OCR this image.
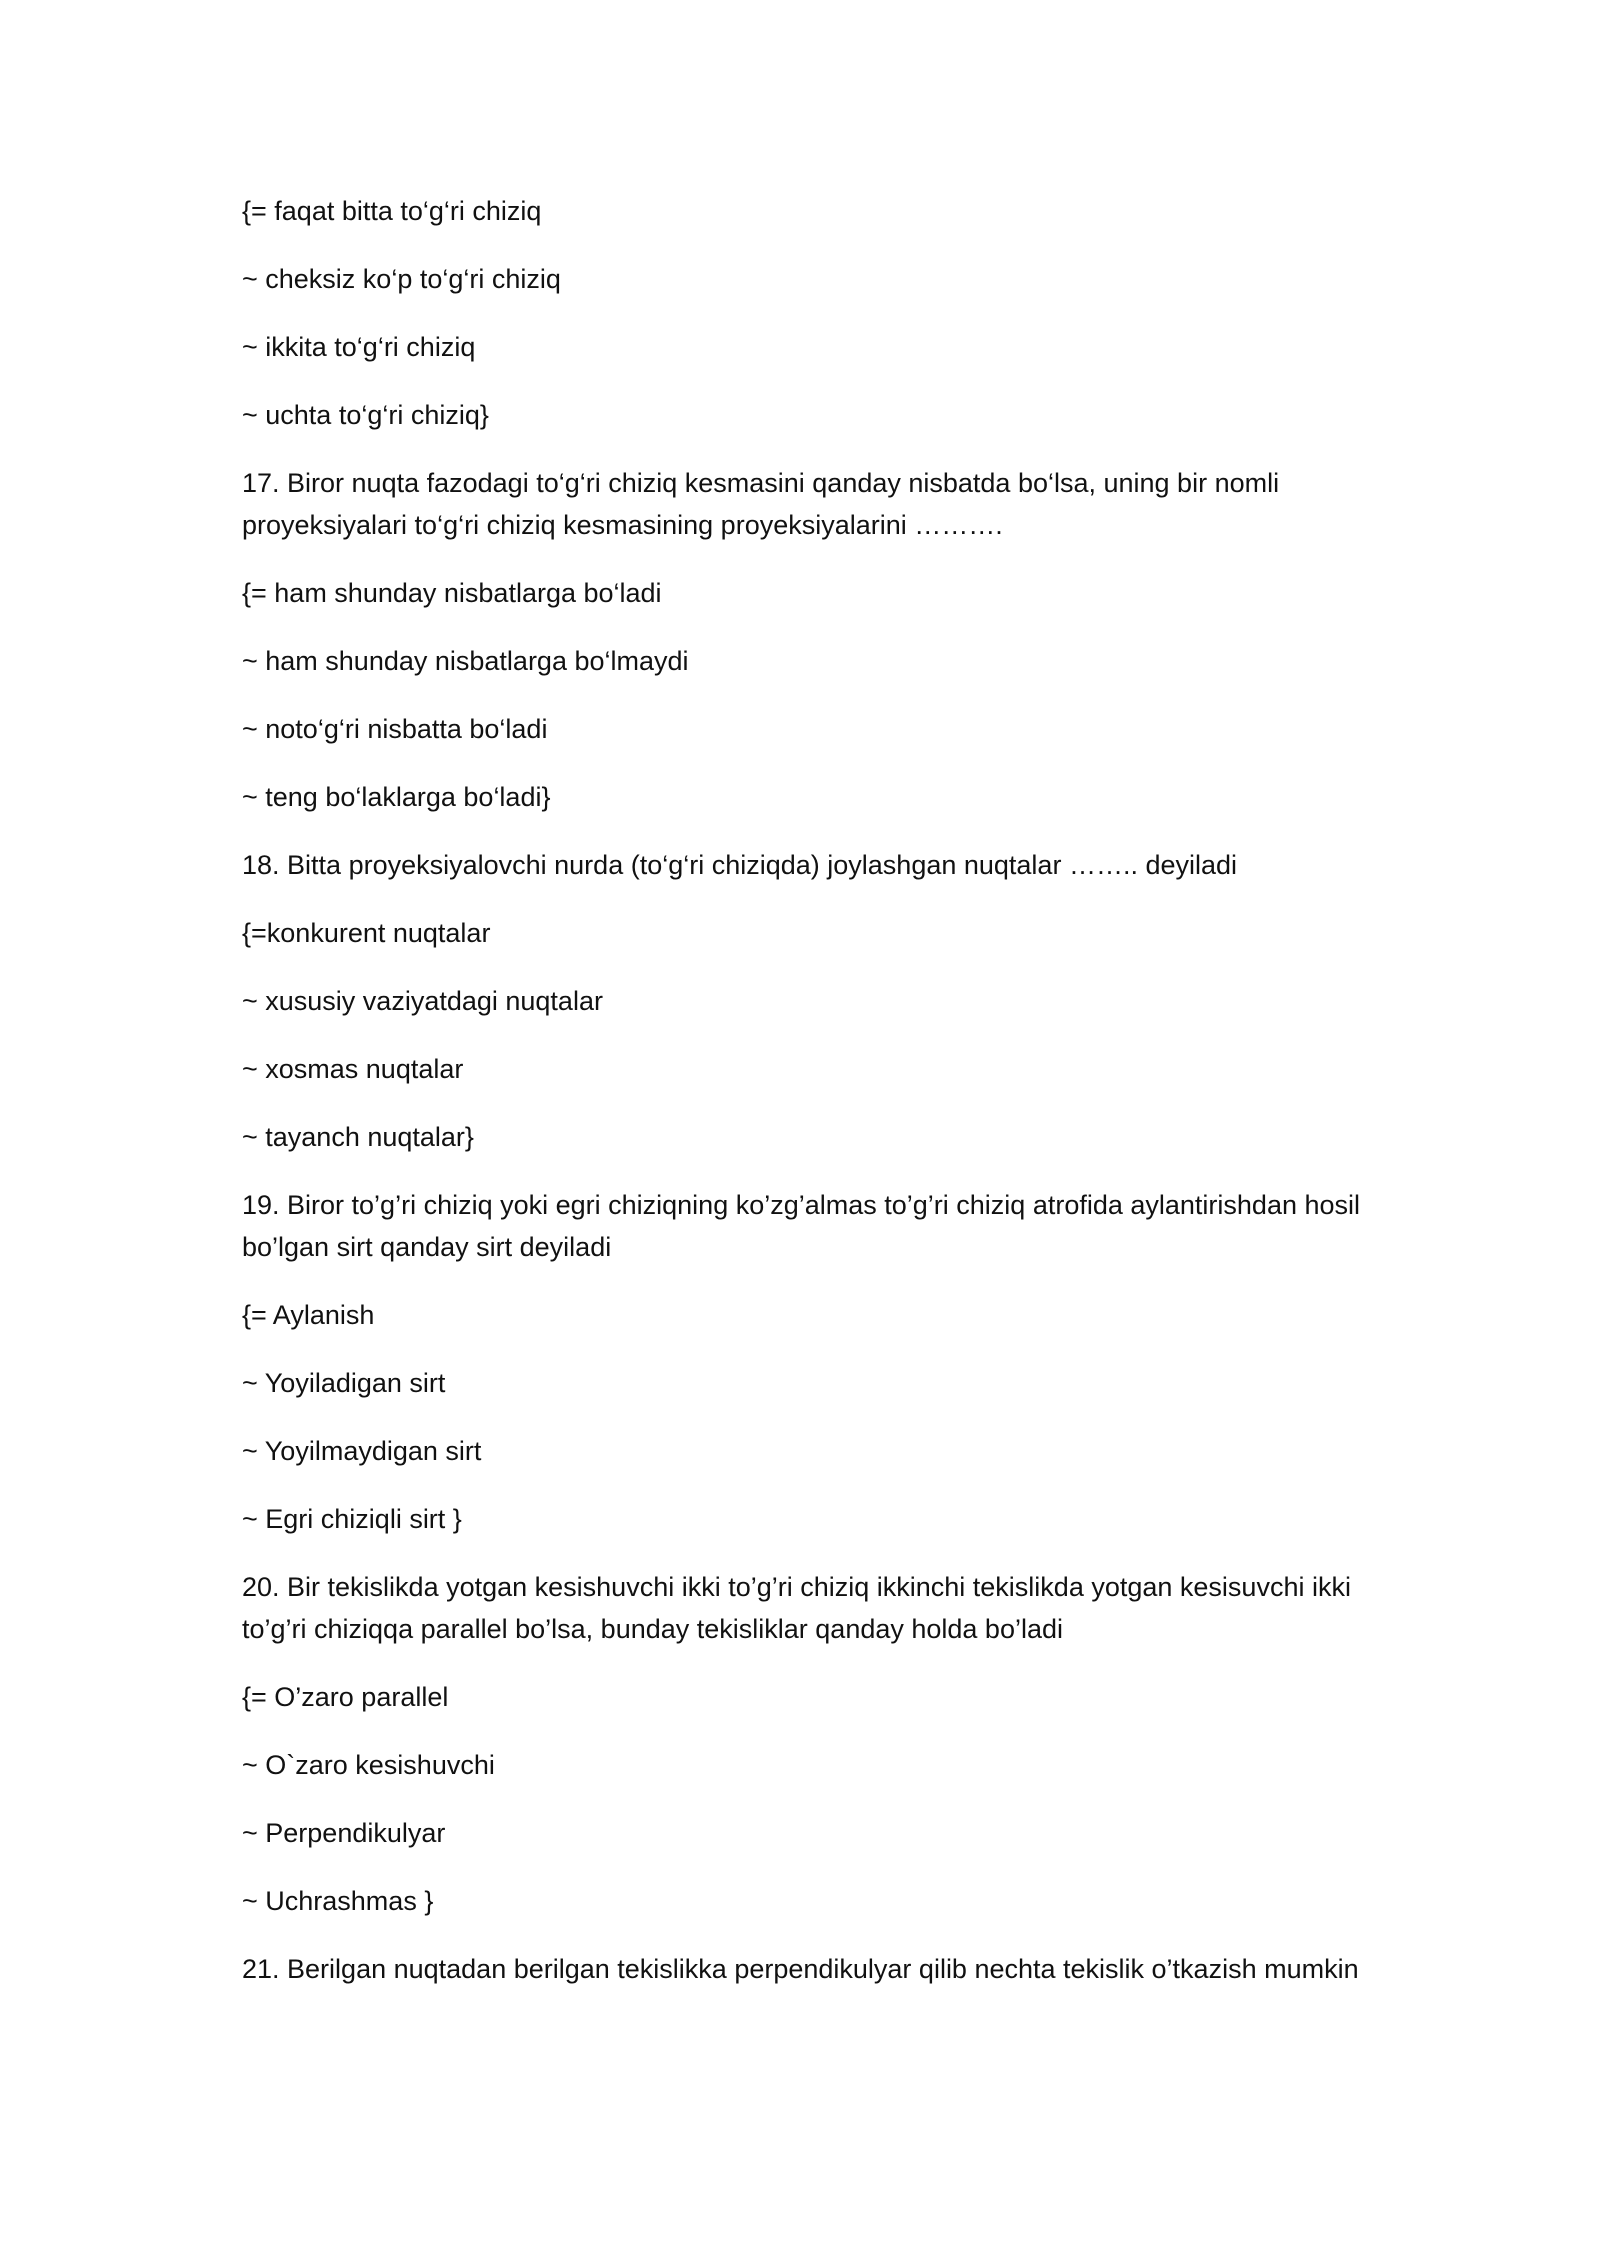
{= faqat bitta to‘g‘ri chiziq

~ cheksiz ko‘p to‘g‘ri chiziq

~ ikkita to‘g‘ri chiziq

~ uchta to‘g‘ri chiziq}

17. Biror nuqta fazodagi to‘g‘ri chiziq kesmasini qanday nisbatda bo‘lsa, uning bir nomli proyeksiyalari to‘g‘ri chiziq kesmasining proyeksiyalarini ……….

{= ham shunday nisbatlarga bo‘ladi

~ ham shunday nisbatlarga bo‘lmaydi

~ noto‘g‘ri nisbatta bo‘ladi

~ teng bo‘laklarga bo‘ladi}

18. Bitta proyeksiyalovchi nurda (to‘g‘ri chiziqda) joylashgan nuqtalar …….. deyiladi

{=konkurent nuqtalar

~ xususiy vaziyatdagi nuqtalar

~ xosmas nuqtalar

~ tayanch nuqtalar}

19. Biror to’g’ri chiziq yoki egri chiziqning ko’zg’almas to’g’ri chiziq atrofida aylantirishdan hosil bo’lgan sirt qanday sirt deyiladi

{= Aylanish

~ Yoyiladigan sirt

~ Yoyilmaydigan sirt

~ Egri chiziqli sirt }

20. Bir tekislikda yotgan kesishuvchi ikki to’g’ri chiziq ikkinchi tekislikda yotgan kesisuvchi ikki to’g’ri chiziqqa parallel bo’lsa, bunday tekisliklar qanday holda bo’ladi

{= O’zaro parallel

~ O`zaro kesishuvchi

~ Perpendikulyar

~ Uchrashmas }

21. Berilgan nuqtadan berilgan tekislikka perpendikulyar qilib nechta tekislik o’tkazish mumkin
